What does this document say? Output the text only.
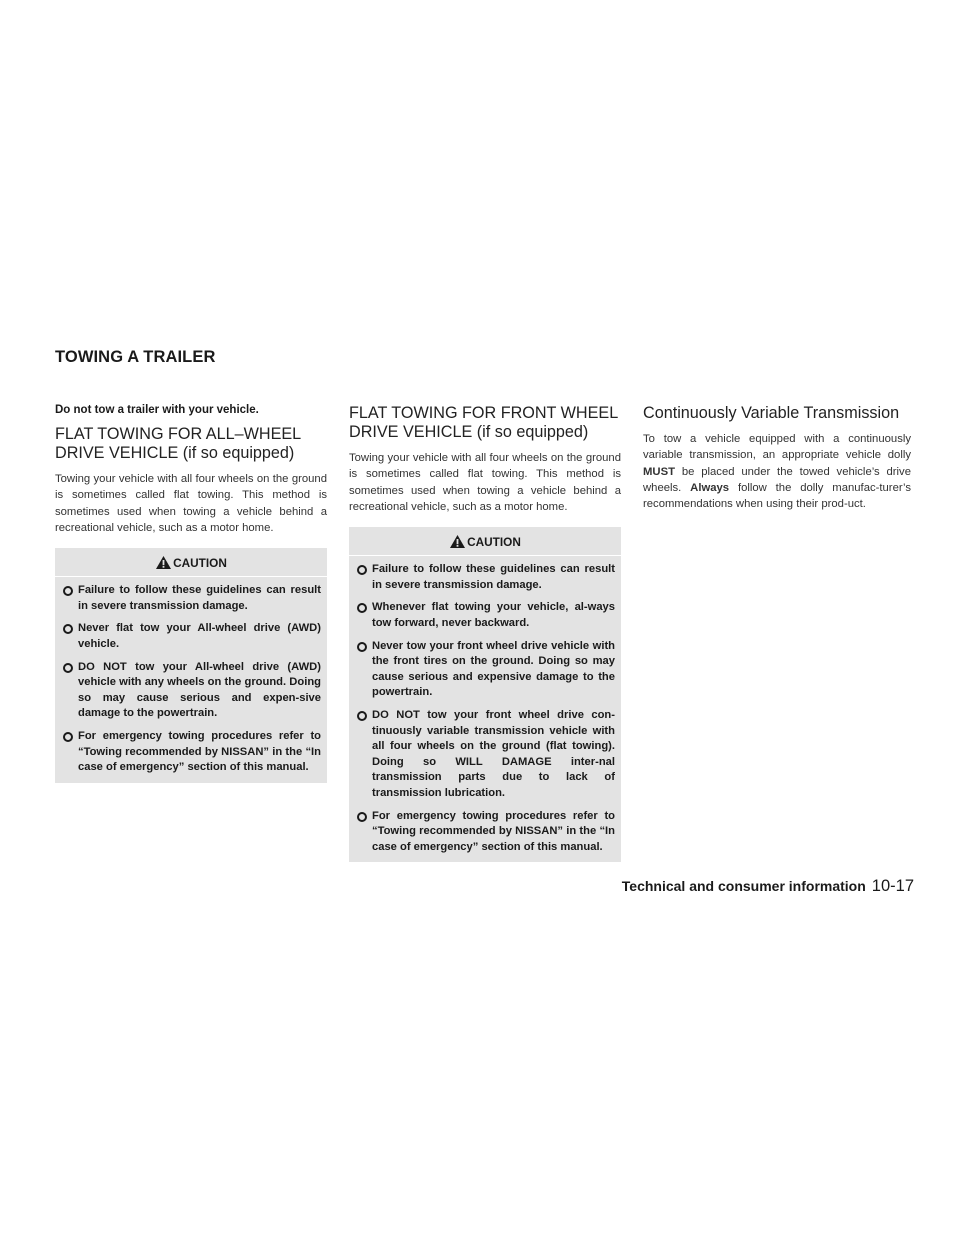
TOWING A TRAILER

Do not tow a trailer with your vehicle.

FLAT TOWING FOR ALL–WHEEL
DRIVE VEHICLE (if so equipped)

Towing your vehicle with all four wheels on the ground is sometimes called flat towing. This method is sometimes used when towing a vehicle behind a recreational vehicle, such as a motor home.

CAUTION
Failure to follow these guidelines can result in severe transmission damage.
Never flat tow your All-wheel drive (AWD) vehicle.
DO NOT tow your All-wheel drive (AWD) vehicle with any wheels on the ground. Doing so may cause serious and expen-sive damage to the powertrain.
For emergency towing procedures refer to “Towing recommended by NISSAN” in the “In case of emergency” section of this manual.
FLAT TOWING FOR FRONT WHEEL
DRIVE VEHICLE (if so equipped)

Towing your vehicle with all four wheels on the ground is sometimes called flat towing. This method is sometimes used when towing a vehicle behind a recreational vehicle, such as a motor home.

CAUTION
Failure to follow these guidelines can result in severe transmission damage.
Whenever flat towing your vehicle, al-ways tow forward, never backward.
Never tow your front wheel drive vehicle with the front tires on the ground. Doing so may cause serious and expensive damage to the powertrain.
DO NOT tow your front wheel drive con-tinuously variable transmission vehicle with all four wheels on the ground (flat towing). Doing so WILL DAMAGE inter-nal transmission parts due to lack of transmission lubrication.
For emergency towing procedures refer to “Towing recommended by NISSAN” in the “In case of emergency” section of this manual.
Continuously Variable Transmission

To tow a vehicle equipped with a continuously variable transmission, an appropriate vehicle dolly MUST be placed under the towed vehicle’s drive wheels. Always follow the dolly manufac-turer’s recommendations when using their prod-uct.

Technical and consumer information 10-17
